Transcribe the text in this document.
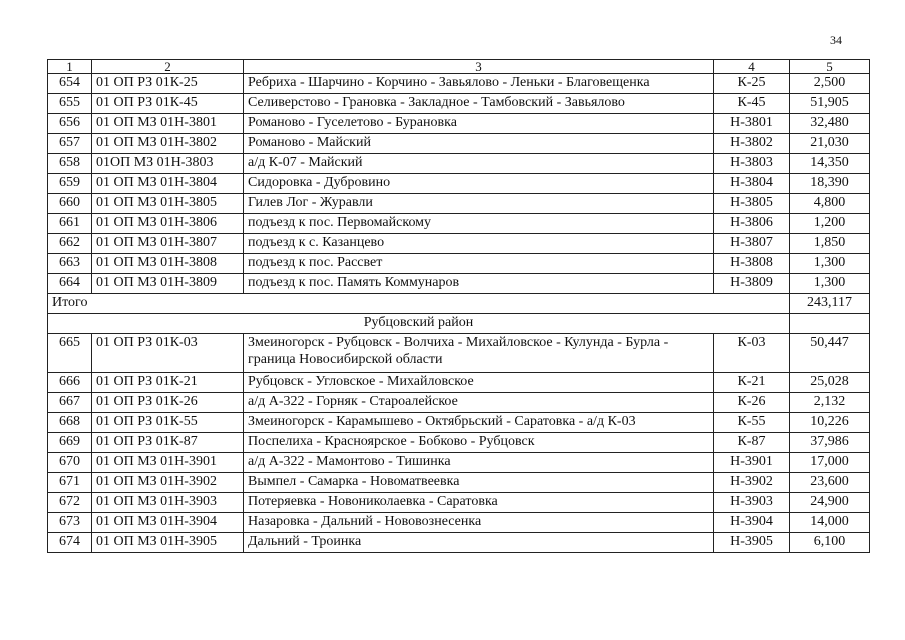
34
1	2	3	4	5
654	01 ОП РЗ 01К-25	Ребриха - Шарчино - Корчино - Завьялово - Леньки - Благовещенка	К-25	2,500
655	01 ОП РЗ 01К-45	Селиверстово - Грановка - Закладное - Тамбовский - Завьялово	К-45	51,905
656	01 ОП МЗ 01Н-3801	Романово - Гусeлетово - Бурановка	Н-3801	32,480
657	01 ОП МЗ 01Н-3802	Романово - Майский	Н-3802	21,030
658	01ОП МЗ 01Н-3803	а/д К-07 - Майский	Н-3803	14,350
659	01 ОП МЗ 01Н-3804	Сидоровка - Дубровино	Н-3804	18,390
660	01 ОП МЗ 01Н-3805	Гилев Лог - Журавли	Н-3805	4,800
661	01 ОП МЗ 01Н-3806	подъезд к пос. Первомайскому	Н-3806	1,200
662	01 ОП МЗ 01Н-3807	подъезд к с. Казанцево	Н-3807	1,850
663	01 ОП МЗ 01Н-3808	подъезд к пос. Рассвет	Н-3808	1,300
664	01 ОП МЗ 01Н-3809	подъезд к пос. Память Коммунаров	Н-3809	1,300
Итого				243,117
Рубцовский район				
665	01 ОП РЗ 01К-03	Змеиногорск - Рубцовск - Волчиха - Михайловское - Кулунда - Бурла - граница Новосибирской области	К-03	50,447
666	01 ОП РЗ 01К-21	Рубцовск - Угловское - Михайловское	К-21	25,028
667	01 ОП РЗ 01К-26	а/д А-322 - Горняк - Староалейское	К-26	2,132
668	01 ОП РЗ 01К-55	Змеиногорск - Карамышево - Октябрьский - Саратовка - а/д К-03	К-55	10,226
669	01 ОП РЗ 01К-87	Поспелиха - Красноярское - Бобково - Рубцовск	К-87	37,986
670	01 ОП МЗ 01Н-3901	а/д А-322 - Мамонтово - Тишинка	Н-3901	17,000
671	01 ОП МЗ 01Н-3902	Вымпел - Самарка - Новоматвеевка	Н-3902	23,600
672	01 ОП МЗ 01Н-3903	Потеряевка - Новониколаевка - Саратовка	Н-3903	24,900
673	01 ОП МЗ 01Н-3904	Назаровка - Дальний - Нововознесенка	Н-3904	14,000
674	01 ОП МЗ 01Н-3905	Дальний - Троинка	Н-3905	6,100
